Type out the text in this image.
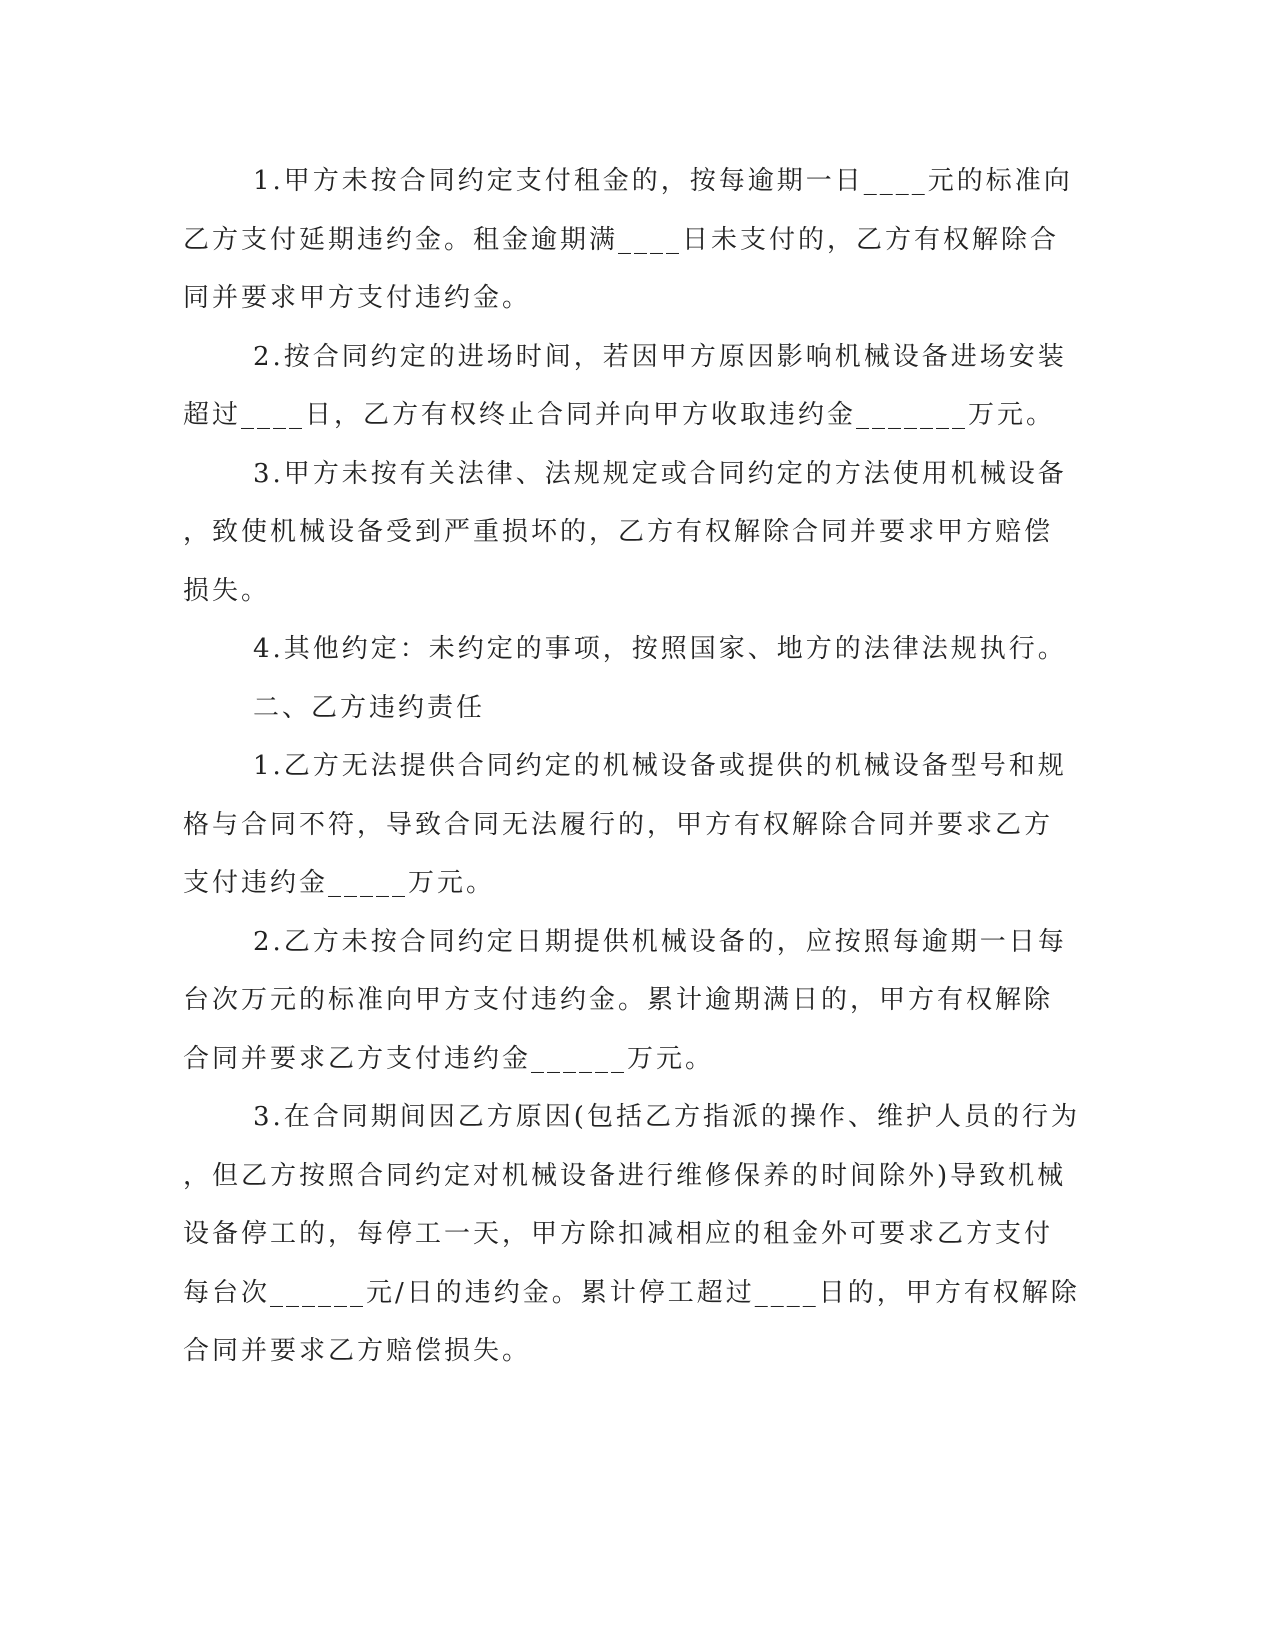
1.甲方未按合同约定支付租金的，按每逾期一日____元的标准向
乙方支付延期违约金。租金逾期满____日未支付的，乙方有权解除合
同并要求甲方支付违约金。
2.按合同约定的进场时间，若因甲方原因影响机械设备进场安装
超过____日，乙方有权终止合同并向甲方收取违约金_______万元。
3.甲方未按有关法律、法规规定或合同约定的方法使用机械设备
，致使机械设备受到严重损坏的，乙方有权解除合同并要求甲方赔偿
损失。
4.其他约定：未约定的事项，按照国家、地方的法律法规执行。
二、乙方违约责任
1.乙方无法提供合同约定的机械设备或提供的机械设备型号和规
格与合同不符，导致合同无法履行的，甲方有权解除合同并要求乙方
支付违约金_____万元。
2.乙方未按合同约定日期提供机械设备的，应按照每逾期一日每
台次万元的标准向甲方支付违约金。累计逾期满日的，甲方有权解除
合同并要求乙方支付违约金______万元。
3.在合同期间因乙方原因(包括乙方指派的操作、维护人员的行为
，但乙方按照合同约定对机械设备进行维修保养的时间除外)导致机械
设备停工的，每停工一天，甲方除扣减相应的租金外可要求乙方支付
每台次______元/日的违约金。累计停工超过____日的，甲方有权解除
合同并要求乙方赔偿损失。
